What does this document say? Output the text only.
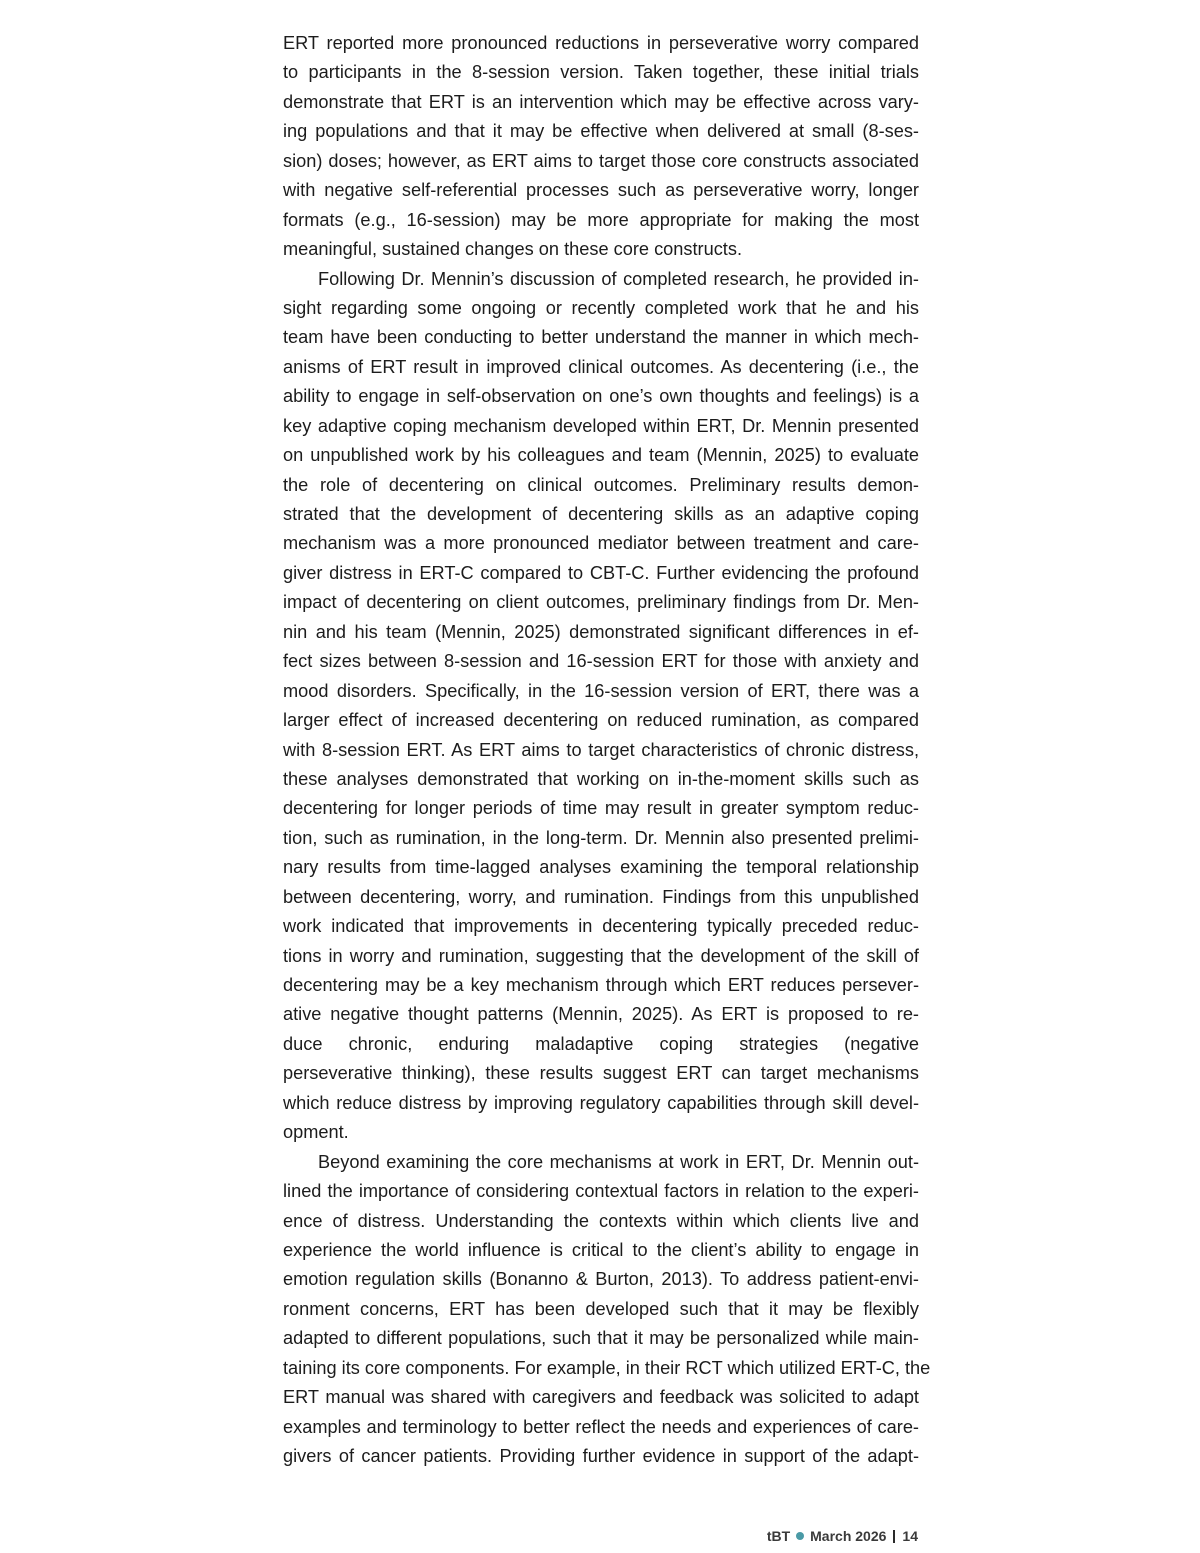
ERT reported more pronounced reductions in perseverative worry compared
to participants in the 8-session version. Taken together, these initial trials
demonstrate that ERT is an intervention which may be effective across vary-
ing populations and that it may be effective when delivered at small (8-ses-
sion) doses; however, as ERT aims to target those core constructs associated
with negative self-referential processes such as perseverative worry, longer
formats (e.g., 16-session) may be more appropriate for making the most
meaningful, sustained changes on these core constructs.
Following Dr. Mennin’s discussion of completed research, he provided in-
sight regarding some ongoing or recently completed work that he and his
team have been conducting to better understand the manner in which mech-
anisms of ERT result in improved clinical outcomes. As decentering (i.e., the
ability to engage in self-observation on one’s own thoughts and feelings) is a
key adaptive coping mechanism developed within ERT, Dr. Mennin presented
on unpublished work by his colleagues and team (Mennin, 2025) to evaluate
the role of decentering on clinical outcomes. Preliminary results demon-
strated that the development of decentering skills as an adaptive coping
mechanism was a more pronounced mediator between treatment and care-
giver distress in ERT-C compared to CBT-C. Further evidencing the profound
impact of decentering on client outcomes, preliminary findings from Dr. Men-
nin and his team (Mennin, 2025) demonstrated significant differences in ef-
fect sizes between 8-session and 16-session ERT for those with anxiety and
mood disorders. Specifically, in the 16-session version of ERT, there was a
larger effect of increased decentering on reduced rumination, as compared
with 8-session ERT. As ERT aims to target characteristics of chronic distress,
these analyses demonstrated that working on in-the-moment skills such as
decentering for longer periods of time may result in greater symptom reduc-
tion, such as rumination, in the long-term. Dr. Mennin also presented prelimi-
nary results from time-lagged analyses examining the temporal relationship
between decentering, worry, and rumination. Findings from this unpublished
work indicated that improvements in decentering typically preceded reduc-
tions in worry and rumination, suggesting that the development of the skill of
decentering may be a key mechanism through which ERT reduces persever-
ative negative thought patterns (Mennin, 2025). As ERT is proposed to re-
duce chronic, enduring maladaptive coping strategies (negative
perseverative thinking), these results suggest ERT can target mechanisms
which reduce distress by improving regulatory capabilities through skill devel-
opment.
Beyond examining the core mechanisms at work in ERT, Dr. Mennin out-
lined the importance of considering contextual factors in relation to the experi-
ence of distress. Understanding the contexts within which clients live and
experience the world influence is critical to the client’s ability to engage in
emotion regulation skills (Bonanno & Burton, 2013). To address patient-envi-
ronment concerns, ERT has been developed such that it may be flexibly
adapted to different populations, such that it may be personalized while main-
taining its core components. For example, in their RCT which utilized ERT-C, the
ERT manual was shared with caregivers and feedback was solicited to adapt
examples and terminology to better reflect the needs and experiences of care-
givers of cancer patients. Providing further evidence in support of the adapt-
tBT March 2026 14
